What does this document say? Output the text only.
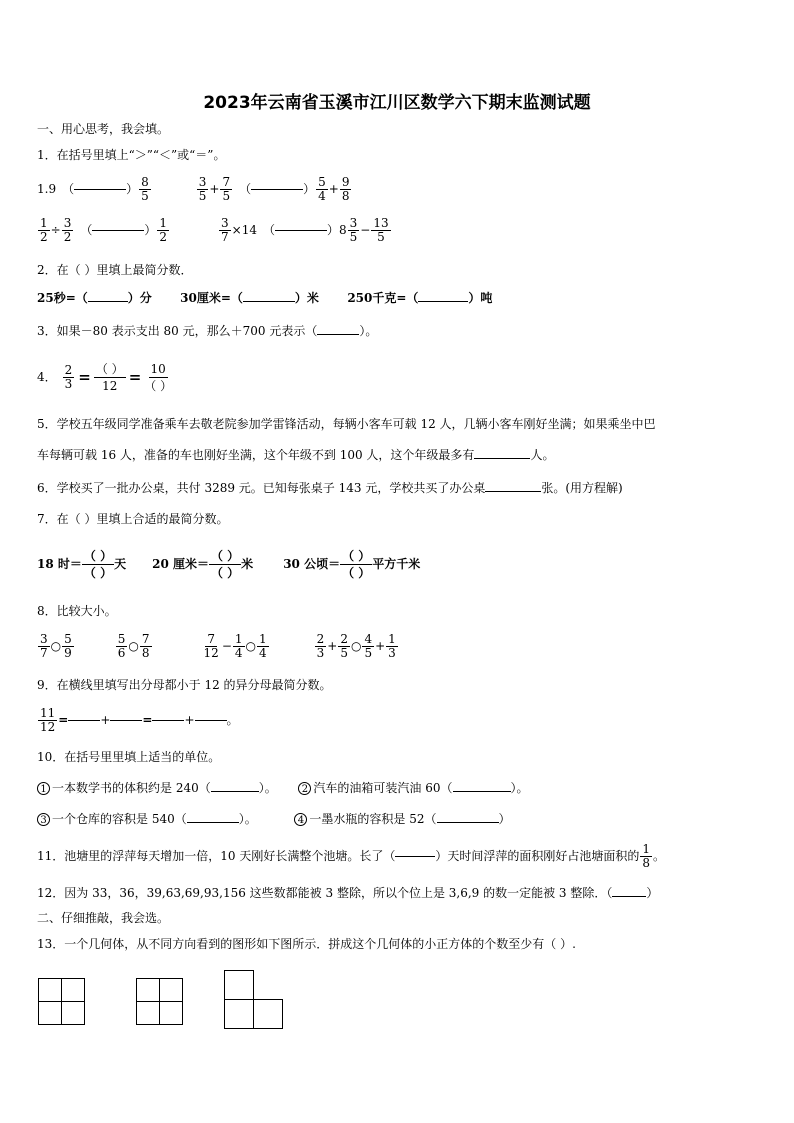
2023年云南省玉溪市江川区数学六下期末监测试题
一、用心思考，我会填。
1．在括号里填上“＞”“＜”或“＝”。
1.9 （	） $\frac{8}{5}$	$\frac{3}{5} + \frac{7}{5}$ （	） $\frac{5}{4} + \frac{9}{8}$
$\frac{1}{2} \div \frac{3}{2}$ （	） $\frac{1}{2}$	$\frac{3}{7} \times 14$ （	） $8 \frac{3}{5} - \frac{13}{5}$
2．在（ ）里填上最简分数．
25秒=（	）分 30厘米=（	）米 250千克=（	）吨
3．如果－80 表示支出 80 元，那么＋700 元表示（	）。
4． $\frac{2}{3}$ = （ ）
12 = 10
（ ）
5．学校五年级同学准备乘车去敬老院参加学雷锋活动，每辆小客车可载 12 人，几辆小客车刚好坐满；如果乘坐中巴
车每辆可载 16 人，准备的车也刚好坐满，这个年级不到 100 人，这个年级最多有	人。
6．学校买了一批办公桌，共付 3289 元。已知每张桌子 143 元，学校共买了办公桌	张。(用方程解)
7．在（ ）里填上合适的最简分数。
18 时＝
（ ）
（ ）
天 20 厘米＝
（ ）
（ ）
米	30 公顷＝
（ ）
（ ）
平方千米
8．比较大小。
$\frac{3}{7}$ ○ $\frac{5}{9}$	$\frac{5}{6}$ ○ $\frac{7}{8}$	$\frac{7}{12} - \frac{1}{4}$ ○ $\frac{1}{4}$	$\frac{2}{3} + \frac{2}{5}$ ○ $\frac{4}{5} + \frac{1}{3}$
9．在横线里填写出分母都小于 12 的异分母最简分数。
$\frac{11}{12}$ =	+	=	+	。
10．在括号里里填上适当的单位。
1 一本数学书的体积约是 240（	）。 2 汽车的油箱可装汽油 60（	）。
3 一个仓库的容积是 540（	）。	4 一墨水瓶的容积是 52（	）
11．池塘里的浮萍每天增加一倍，10 天刚好长满整个池塘。长了（	）天时间浮萍的面积刚好占池塘面积的 $\frac{1}{8}$ 。
12．因为 33，36，39,63,69,93,156 这些数都能被 3 整除，所以个位上是 3,6,9 的数一定能被 3 整除．（	）
二、仔细推敲，我会选。
13．一个几何体，从不同方向看到的图形如下图所示．拼成这个几何体的小正方体的个数至少有（ ）.
